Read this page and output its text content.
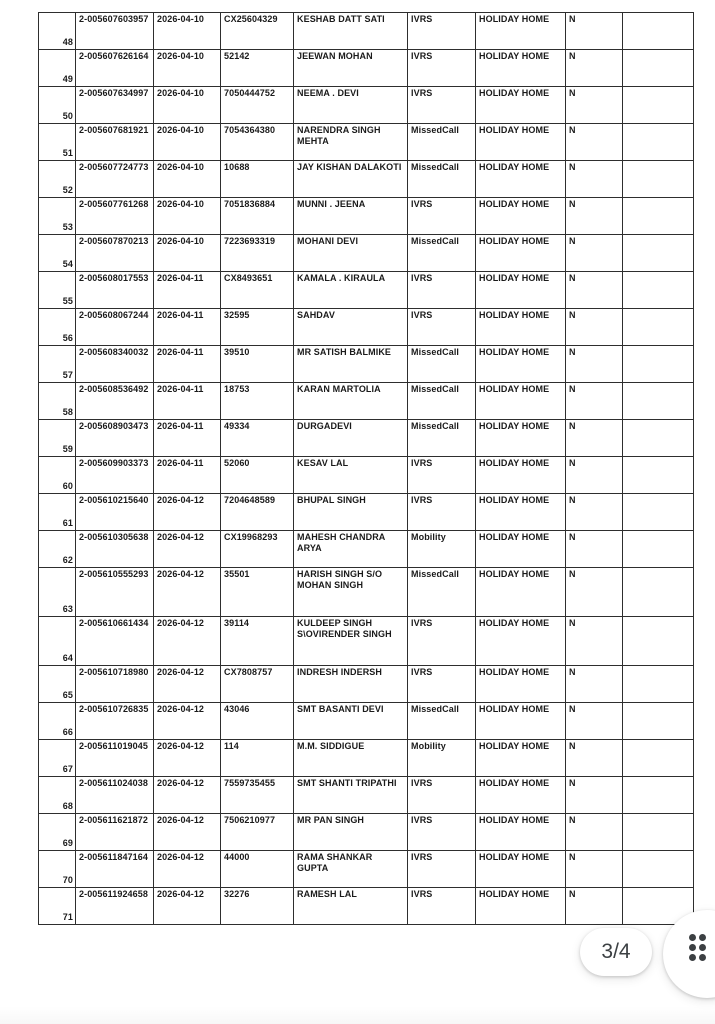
48	2-005607603957	2026-04-10	CX25604329	KESHAB DATT SATI	IVRS	HOLIDAY HOME	N	
49	2-005607626164	2026-04-10	52142	JEEWAN MOHAN	IVRS	HOLIDAY HOME	N	
50	2-005607634997	2026-04-10	7050444752	NEEMA . DEVI	IVRS	HOLIDAY HOME	N	
51	2-005607681921	2026-04-10	7054364380	NARENDRA SINGH MEHTA	MissedCall	HOLIDAY HOME	N	
52	2-005607724773	2026-04-10	10688	JAY KISHAN DALAKOTI	MissedCall	HOLIDAY HOME	N	
53	2-005607761268	2026-04-10	7051836884	MUNNI . JEENA	IVRS	HOLIDAY HOME	N	
54	2-005607870213	2026-04-10	7223693319	MOHANI DEVI	MissedCall	HOLIDAY HOME	N	
55	2-005608017553	2026-04-11	CX8493651	KAMALA . KIRAULA	IVRS	HOLIDAY HOME	N	
56	2-005608067244	2026-04-11	32595	SAHDAV	IVRS	HOLIDAY HOME	N	
57	2-005608340032	2026-04-11	39510	MR SATISH BALMIKE	MissedCall	HOLIDAY HOME	N	
58	2-005608536492	2026-04-11	18753	KARAN MARTOLIA	MissedCall	HOLIDAY HOME	N	
59	2-005608903473	2026-04-11	49334	DURGADEVI	MissedCall	HOLIDAY HOME	N	
60	2-005609903373	2026-04-11	52060	KESAV LAL	IVRS	HOLIDAY HOME	N	
61	2-005610215640	2026-04-12	7204648589	BHUPAL SINGH	IVRS	HOLIDAY HOME	N	
62	2-005610305638	2026-04-12	CX19968293	MAHESH CHANDRA ARYA	Mobility	HOLIDAY HOME	N	
63	2-005610555293	2026-04-12	35501	HARISH SINGH S/O MOHAN SINGH	MissedCall	HOLIDAY HOME	N	
64	2-005610661434	2026-04-12	39114	KULDEEP SINGH S\OVIRENDER SINGH	IVRS	HOLIDAY HOME	N	
65	2-005610718980	2026-04-12	CX7808757	INDRESH INDERSH	IVRS	HOLIDAY HOME	N	
66	2-005610726835	2026-04-12	43046	SMT BASANTI DEVI	MissedCall	HOLIDAY HOME	N	
67	2-005611019045	2026-04-12	114	M.M. SIDDIGUE	Mobility	HOLIDAY HOME	N	
68	2-005611024038	2026-04-12	7559735455	SMT SHANTI TRIPATHI	IVRS	HOLIDAY HOME	N	
69	2-005611621872	2026-04-12	7506210977	MR PAN SINGH	IVRS	HOLIDAY HOME	N	
70	2-005611847164	2026-04-12	44000	RAMA SHANKAR GUPTA	IVRS	HOLIDAY HOME	N	
71	2-005611924658	2026-04-12	32276	RAMESH LAL	IVRS	HOLIDAY HOME	N	
3/4
